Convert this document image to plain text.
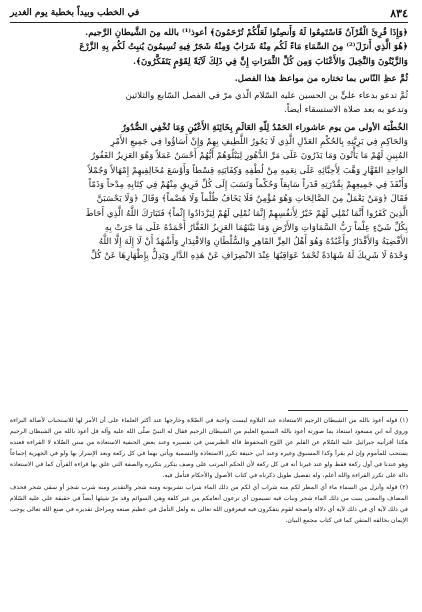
٨٣٤
في الخطب وبيداً بخطبة يوم الغدير

﴿وَإِذَا قُرِئَ الْقُرْآنُ فَاسْتَمِعُوا لَهُ وَأَنصِتُوا لَعَلَّكُمْ تُرْحَمُونَ﴾ أعوذ⁽¹⁾ بالله مِنَ الشَّيطانِ الرَّجيم.

﴿هُوَ الَّذِي أَنزَلَ⁽²⁾ مِنَ السَّمَاءِ مَاءً لَكُم مِنْهُ شَرَابٌ وَمِنْهُ شَجَرٌ فِيهِ تُسِيمُونَ يُنبِتُ لَكُم بِهِ الزَّرْعَ

وَالزَّيْتُونَ وَالنَّخِيلَ وَالأَعْنَابَ وَمِن كُلِّ الثَّمَرَاتِ إِنَّ فِي ذَلِكَ لَآيَةً لِقَوْمٍ يَتَفَكَّرُونَ﴾.

ثُمَّ عظِ النّاس بما تختاره من مواعظ هذا الفصل.

ثُمَّ تدعو بدعاء عليٍّ بن الحسين عليه السّلام الّذي مرّ في الفصل السّابع والثلاثين

وتدعو به بعد صلاة الاستسقاء أيضاً.

الخُطْبَة الأولى من يوم عاشوراء الحَمْدُ لِلّهِ العَالَمِ بِخَائِنَةِ الأَعْيُنِ وَمَا تُخْفِي الصُّدُورُ

وَالحَاكِمِ فِي بَرِيَّتِهِ بِالحُكْمِ العَدْلِ الَّذِي لَا يَجُورُ اللَّطِيفِ بِهِمْ وَإِنْ أَسَاؤُوا فِي جَمِيعِ الأَمْرِ

المُبِينِ لَهُمْ مَا يَأْتُونَ وَمَا يَذَرُونَ عَلَى مَرِّ الدُّهُورِ لِيَبْلُوَهُمْ أَيُّهُمْ أَحْسَنُ عَمَلاً وَهُوَ العَزِيزُ الغَفُورُ

الوَاحِدِ القَهَّارِ وَهَّبَ لِأَحِبَّائِهِ عَلَى نِعَمِهِ مِنْ لُطْفِهِ وَكِفَايَتِهِ قِسْطاً وَأَوْسَعَ مُخَالِفِيهِمْ إِمْهَالاً وَجُمْلاً

وَأَنْفَذَ فِي جَمِيعِهِمْ بِقُدْرَتِهِ قَدَراً سَابِقاً وَحُكْماً وَنَسَبَ إِلَى كُلِّ فَرِيقٍ مِنْهُمْ فِي كِتَابِهِ مِدْحاً وَذَمّاً

فَقَالَ ﴿وَمَنْ يَعْمَلْ مِنَ الصَّالِحَاتِ وَهُوَ مُؤْمِنٌ فَلَا يَخَافُ ظُلْماً وَلَا هَضْماً﴾ وَقَالَ ﴿وَلَا يَحْسَبَنَّ

الَّذِينَ كَفَرُوا أَنَّمَا نُمْلِي لَهُمْ خَيْرٌ لِأَنفُسِهِمْ إِنَّمَا نُمْلِي لَهُمْ لِيَزْدَادُوا إِثْماً﴾ فَتَبَارَكَ اللَّهُ الَّذِي أَحَاطَ

بِكُلِّ شَيْءٍ عِلْماً رَبُّ السَّمَاوَاتِ وَالأَرْضِ وَمَا بَيْنَهُمَا العَزِيزُ الغَفَّارُ أَحْمَدُهُ عَلَى مَا جَرَتْ بِهِ

الأَقْضِيَةُ وَالأَقْدَارُ وَأَعْبُدُهُ وَهُوَ أَهْلُ العِزِّ القَاهِرِ وَالسُّلْطَانِ وَالاقْتِدَارِ وَأَشْهَدُ أَنْ لَا إِلَهَ إِلَّا اللَّهُ

وَحْدَهُ لَا شَرِيكَ لَهُ شَهَادَةً تُحْمَدُ عَوَاقِبُهَا عِنْدَ الانْصِرَافِ عَنْ هَذِهِ الدَّارِ وَيَدِلُّ بِإِطْهَارِهَا عَنْ كُلِّ

(١) قوله أعوذ بالله من الشيطان الرجيم الاستعاذة عند التلاوة ليست واجبة في الصّلاة وخارجها عند أكثر العلماء على أن الأمر لها للاستحباب لأصالة البراءة وروي أنه ابن مسعود استعاذ بما صورته أعوذ بالله السميع العليم من الشيطان الرجيم فقال له النبيّ صلّى الله عليه وآله قل أعوذ بالله من الشيطان الرجيم هكذا أقرأنيه جبرائيل عليه السّلام عن القلم عن اللوح المحفوظ قاله الطبرسي في تفسيره وعند بعض الحنفية الاستعاذة من سنن الصّلاة لا القراءة فعنده يستحب للمأموم وإن لم يقرأ وكذا المسبوق وغيره وعند أبي حنيفة تكرر الاستعاذة والتسمية ويأتي بهما في كل ركعة وبعد الإسرار بها ولو في الجهرية إجماعاً وهو عندنا في أول ركعة فقط ولو عند غيرنا أنه في كل ركعة لأن الحكم المرتب على وصف يتكرر بتكرره والصفة التي علق بها قراءة القرآن كما في الاستعاذة دالة على تكرر القراءة والله أعلم، وله تفصيل طويل ذكرناه في كتاب الأصول والأحكام فتأمل فيه.

(٢) قوله وأنزل من السماء ماء أي المطر لكم منه شراب أي لكم من ذلك الماء شراب تشربونه ومنه شجر والتقدير ومنه شرب شجر أو سقي شجر فحذف المضاف والمعنى ينبت من ذلك الماء شجر ونبات فيه تسيمون أي ترعون أنعامكم من غير كلفة وهي السوائم وقد مرّ شيئها أيضاً في حقيقة علي عليه السّلام في ذلك لآية أي في ذلك لآية أي دلالة واضحة لقوم يتفكرون فيه فيعرفون الله تعالى به ولعل التأمل في عظيم صنعه ومراحل تقديره في صنع الله تعالى يوجب الإيمان بخالقه المتقن كما في كتاب مجمع البيان.
